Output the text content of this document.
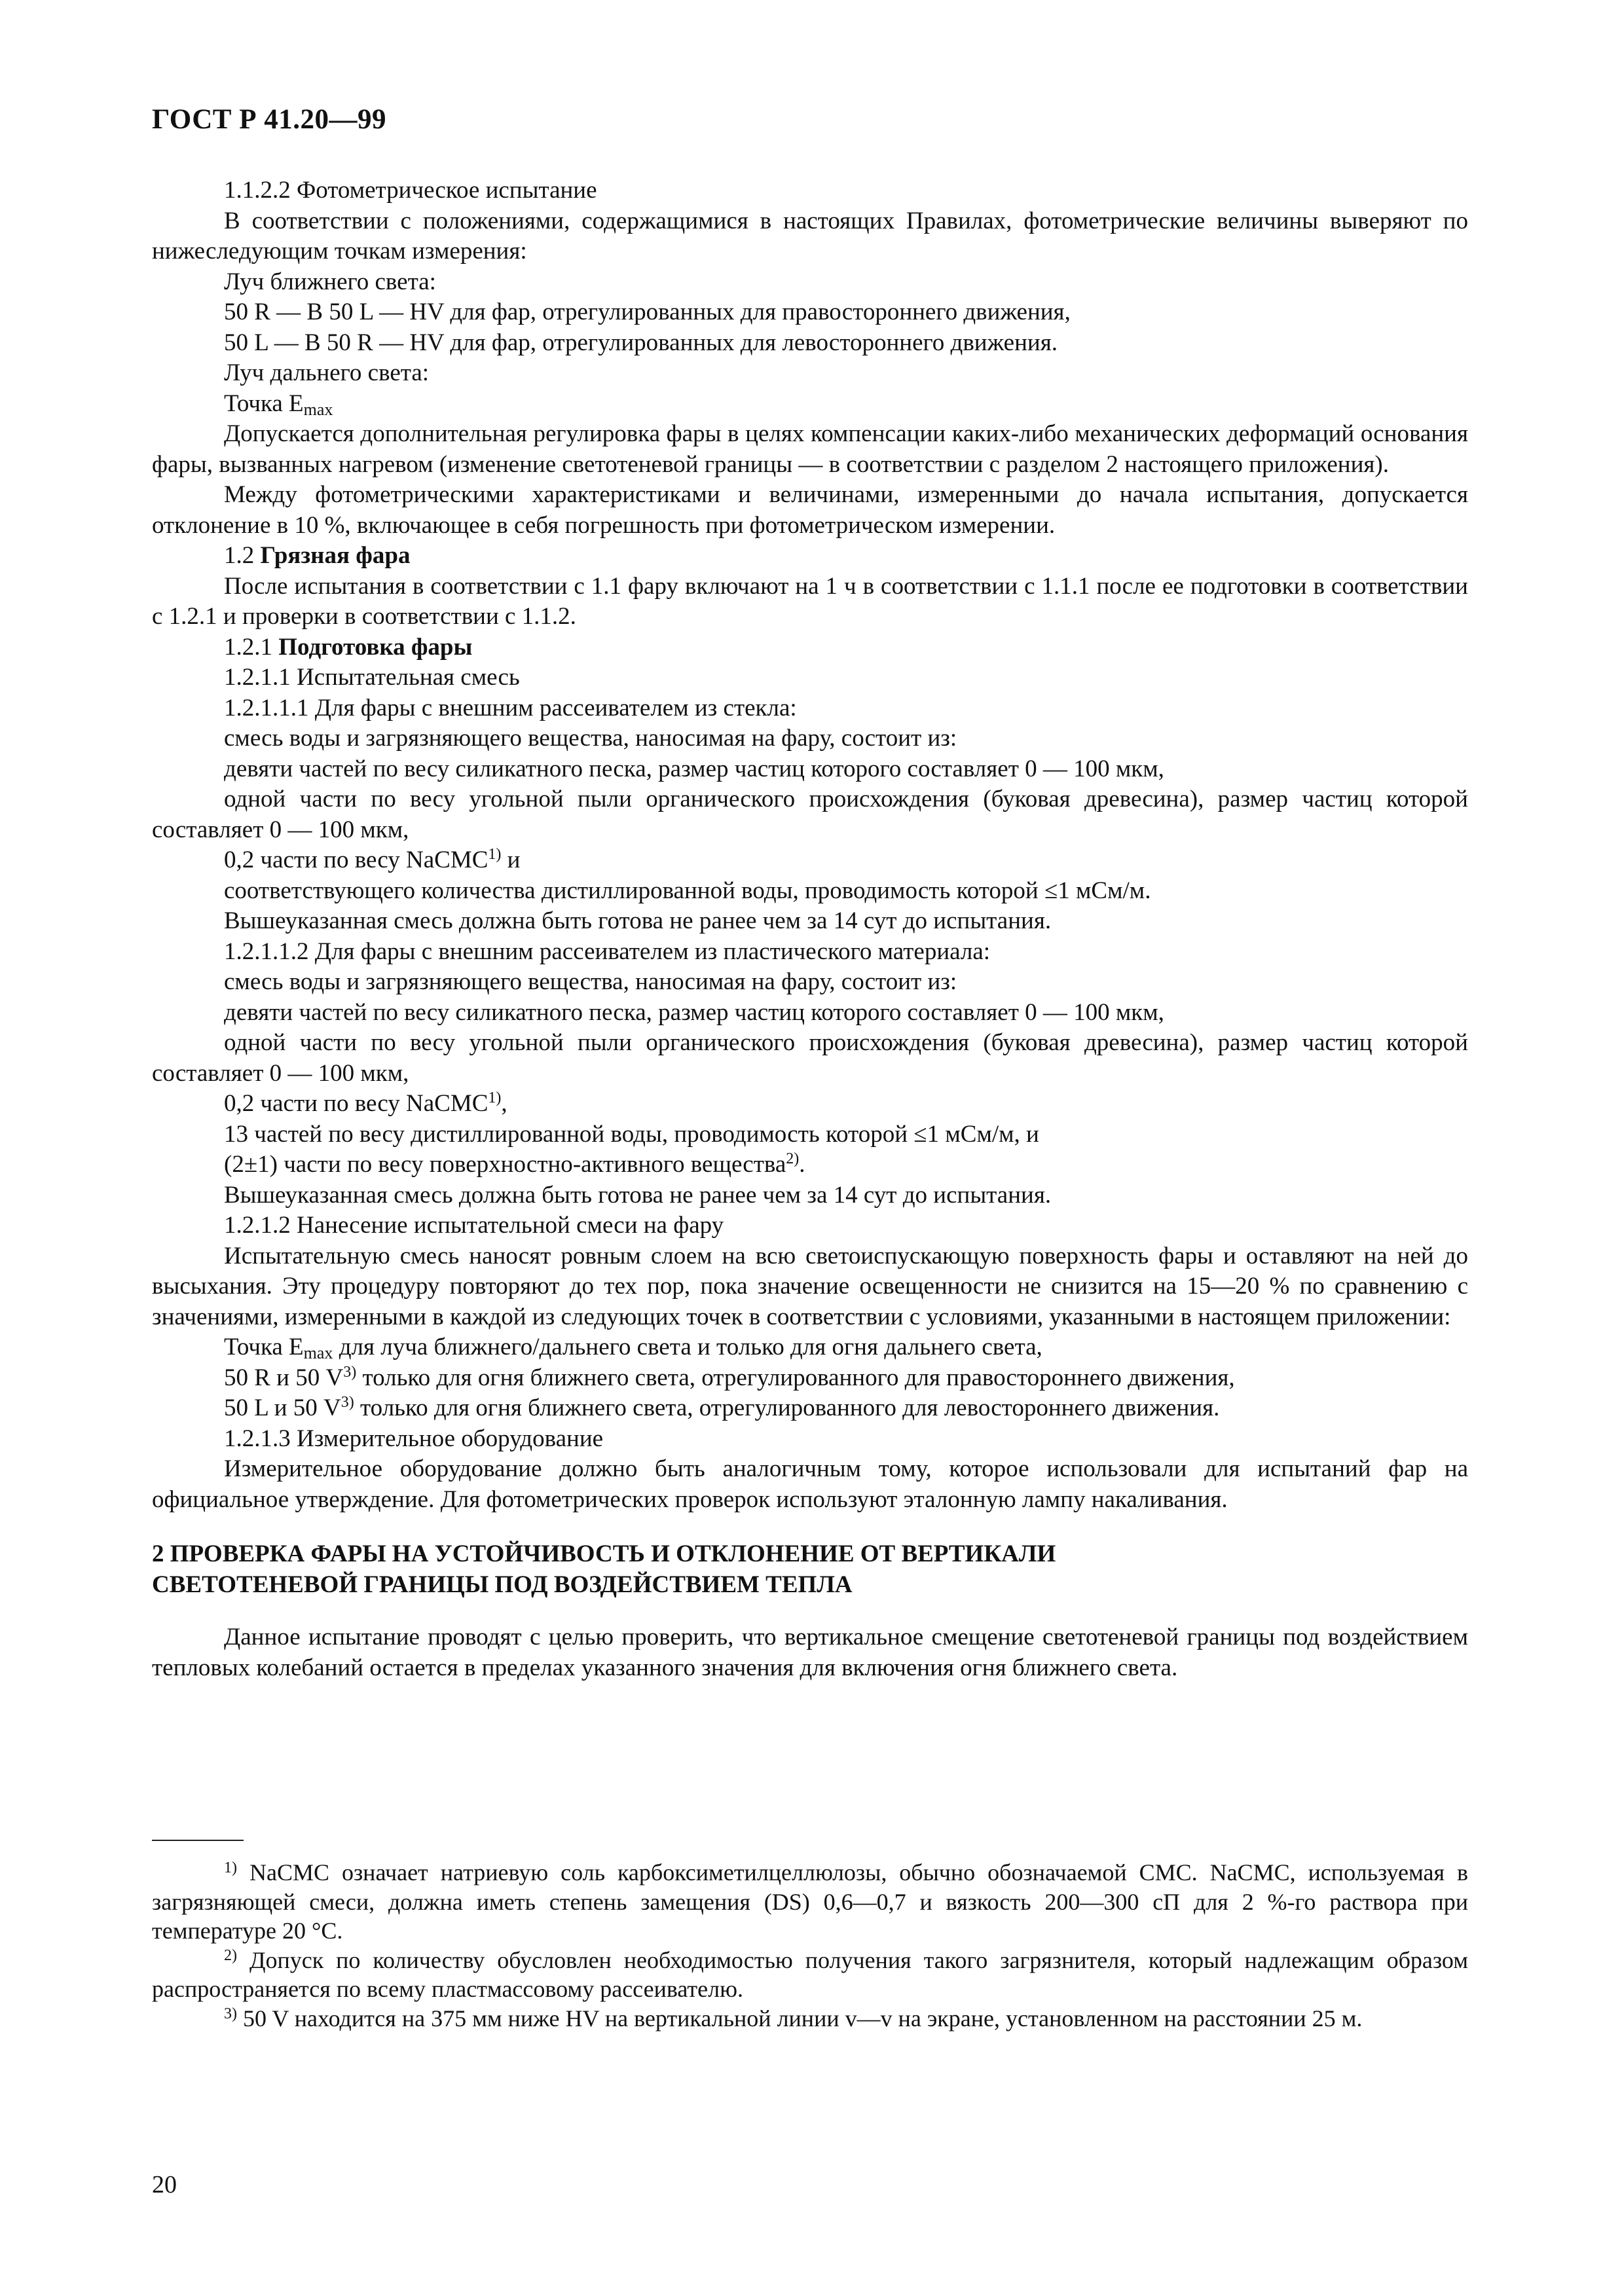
ГОСТ Р 41.20—99

1.1.2.2 Фотометрическое испытание

В соответствии с положениями, содержащимися в настоящих Правилах, фотометрические величины выверяют по нижеследующим точкам измерения:

Луч ближнего света:

50 R — B 50 L — HV для фар, отрегулированных для правостороннего движения,

50 L — B 50 R — HV для фар, отрегулированных для левостороннего движения.

Луч дальнего света:

Точка $E_{max}$

Допускается дополнительная регулировка фары в целях компенсации каких-либо механических деформаций основания фары, вызванных нагревом (изменение светотеневой границы — в соответствии с разделом 2 настоящего приложения).

Между фотометрическими характеристиками и величинами, измеренными до начала испытания, допускается отклонение в 10 %, включающее в себя погрешность при фотометрическом измерении.

1.2 Грязная фара

После испытания в соответствии с 1.1 фару включают на 1 ч в соответствии с 1.1.1 после ее подготовки в соответствии с 1.2.1 и проверки в соответствии с 1.1.2.

1.2.1 Подготовка фары

1.2.1.1 Испытательная смесь

1.2.1.1.1 Для фары с внешним рассеивателем из стекла:

смесь воды и загрязняющего вещества, наносимая на фару, состоит из:

девяти частей по весу силикатного песка, размер частиц которого составляет 0 — 100 мкм,

одной части по весу угольной пыли органического происхождения (буковая древесина), размер частиц которой составляет 0 — 100 мкм,

0,2 части по весу NaCMC$^{1)}$ и

соответствующего количества дистиллированной воды, проводимость которой ≤1 мСм/м.

Вышеуказанная смесь должна быть готова не ранее чем за 14 сут до испытания.

1.2.1.1.2 Для фары с внешним рассеивателем из пластического материала:

смесь воды и загрязняющего вещества, наносимая на фару, состоит из:

девяти частей по весу силикатного песка, размер частиц которого составляет 0 — 100 мкм,

одной части по весу угольной пыли органического происхождения (буковая древесина), размер частиц которой составляет 0 — 100 мкм,

0,2 части по весу NaCMC$^{1)}$,

13 частей по весу дистиллированной воды, проводимость которой ≤1 мСм/м, и

(2±1) части по весу поверхностно-активного вещества$^{2)}$.

Вышеуказанная смесь должна быть готова не ранее чем за 14 сут до испытания.

1.2.1.2 Нанесение испытательной смеси на фару

Испытательную смесь наносят ровным слоем на всю светоиспускающую поверхность фары и оставляют на ней до высыхания. Эту процедуру повторяют до тех пор, пока значение освещенности не снизится на 15—20 % по сравнению с значениями, измеренными в каждой из следующих точек в соответствии с условиями, указанными в настоящем приложении:

Точка $E_{max}$ для луча ближнего/дальнего света и только для огня дальнего света,

50 R и 50 $V^{3)}$ только для огня ближнего света, отрегулированного для правостороннего движения,

50 L и 50 $V^{3)}$ только для огня ближнего света, отрегулированного для левостороннего движения.

1.2.1.3 Измерительное оборудование

Измерительное оборудование должно быть аналогичным тому, которое использовали для испытаний фар на официальное утверждение. Для фотометрических проверок используют эталонную лампу накаливания.

2 ПРОВЕРКА ФАРЫ НА УСТОЙЧИВОСТЬ И ОТКЛОНЕНИЕ ОТ ВЕРТИКАЛИ
СВЕТОТЕНЕВОЙ ГРАНИЦЫ ПОД ВОЗДЕЙСТВИЕМ ТЕПЛА

Данное испытание проводят с целью проверить, что вертикальное смещение светотеневой границы под воздействием тепловых колебаний остается в пределах указанного значения для включения огня ближнего света.

$^{1)}$ NaCMC означает натриевую соль карбоксиметилцеллюлозы, обычно обозначаемой CMC. NaCMC, используемая в загрязняющей смеси, должна иметь степень замещения (DS) 0,6—0,7 и вязкость 200—300 сП для 2 %-го раствора при температуре 20 °С.

$^{2)}$ Допуск по количеству обусловлен необходимостью получения такого загрязнителя, который надлежащим образом распространяется по всему пластмассовому рассеивателю.

$^{3)}$ 50 V находится на 375 мм ниже HV на вертикальной линии v—v на экране, установленном на расстоянии 25 м.

20
